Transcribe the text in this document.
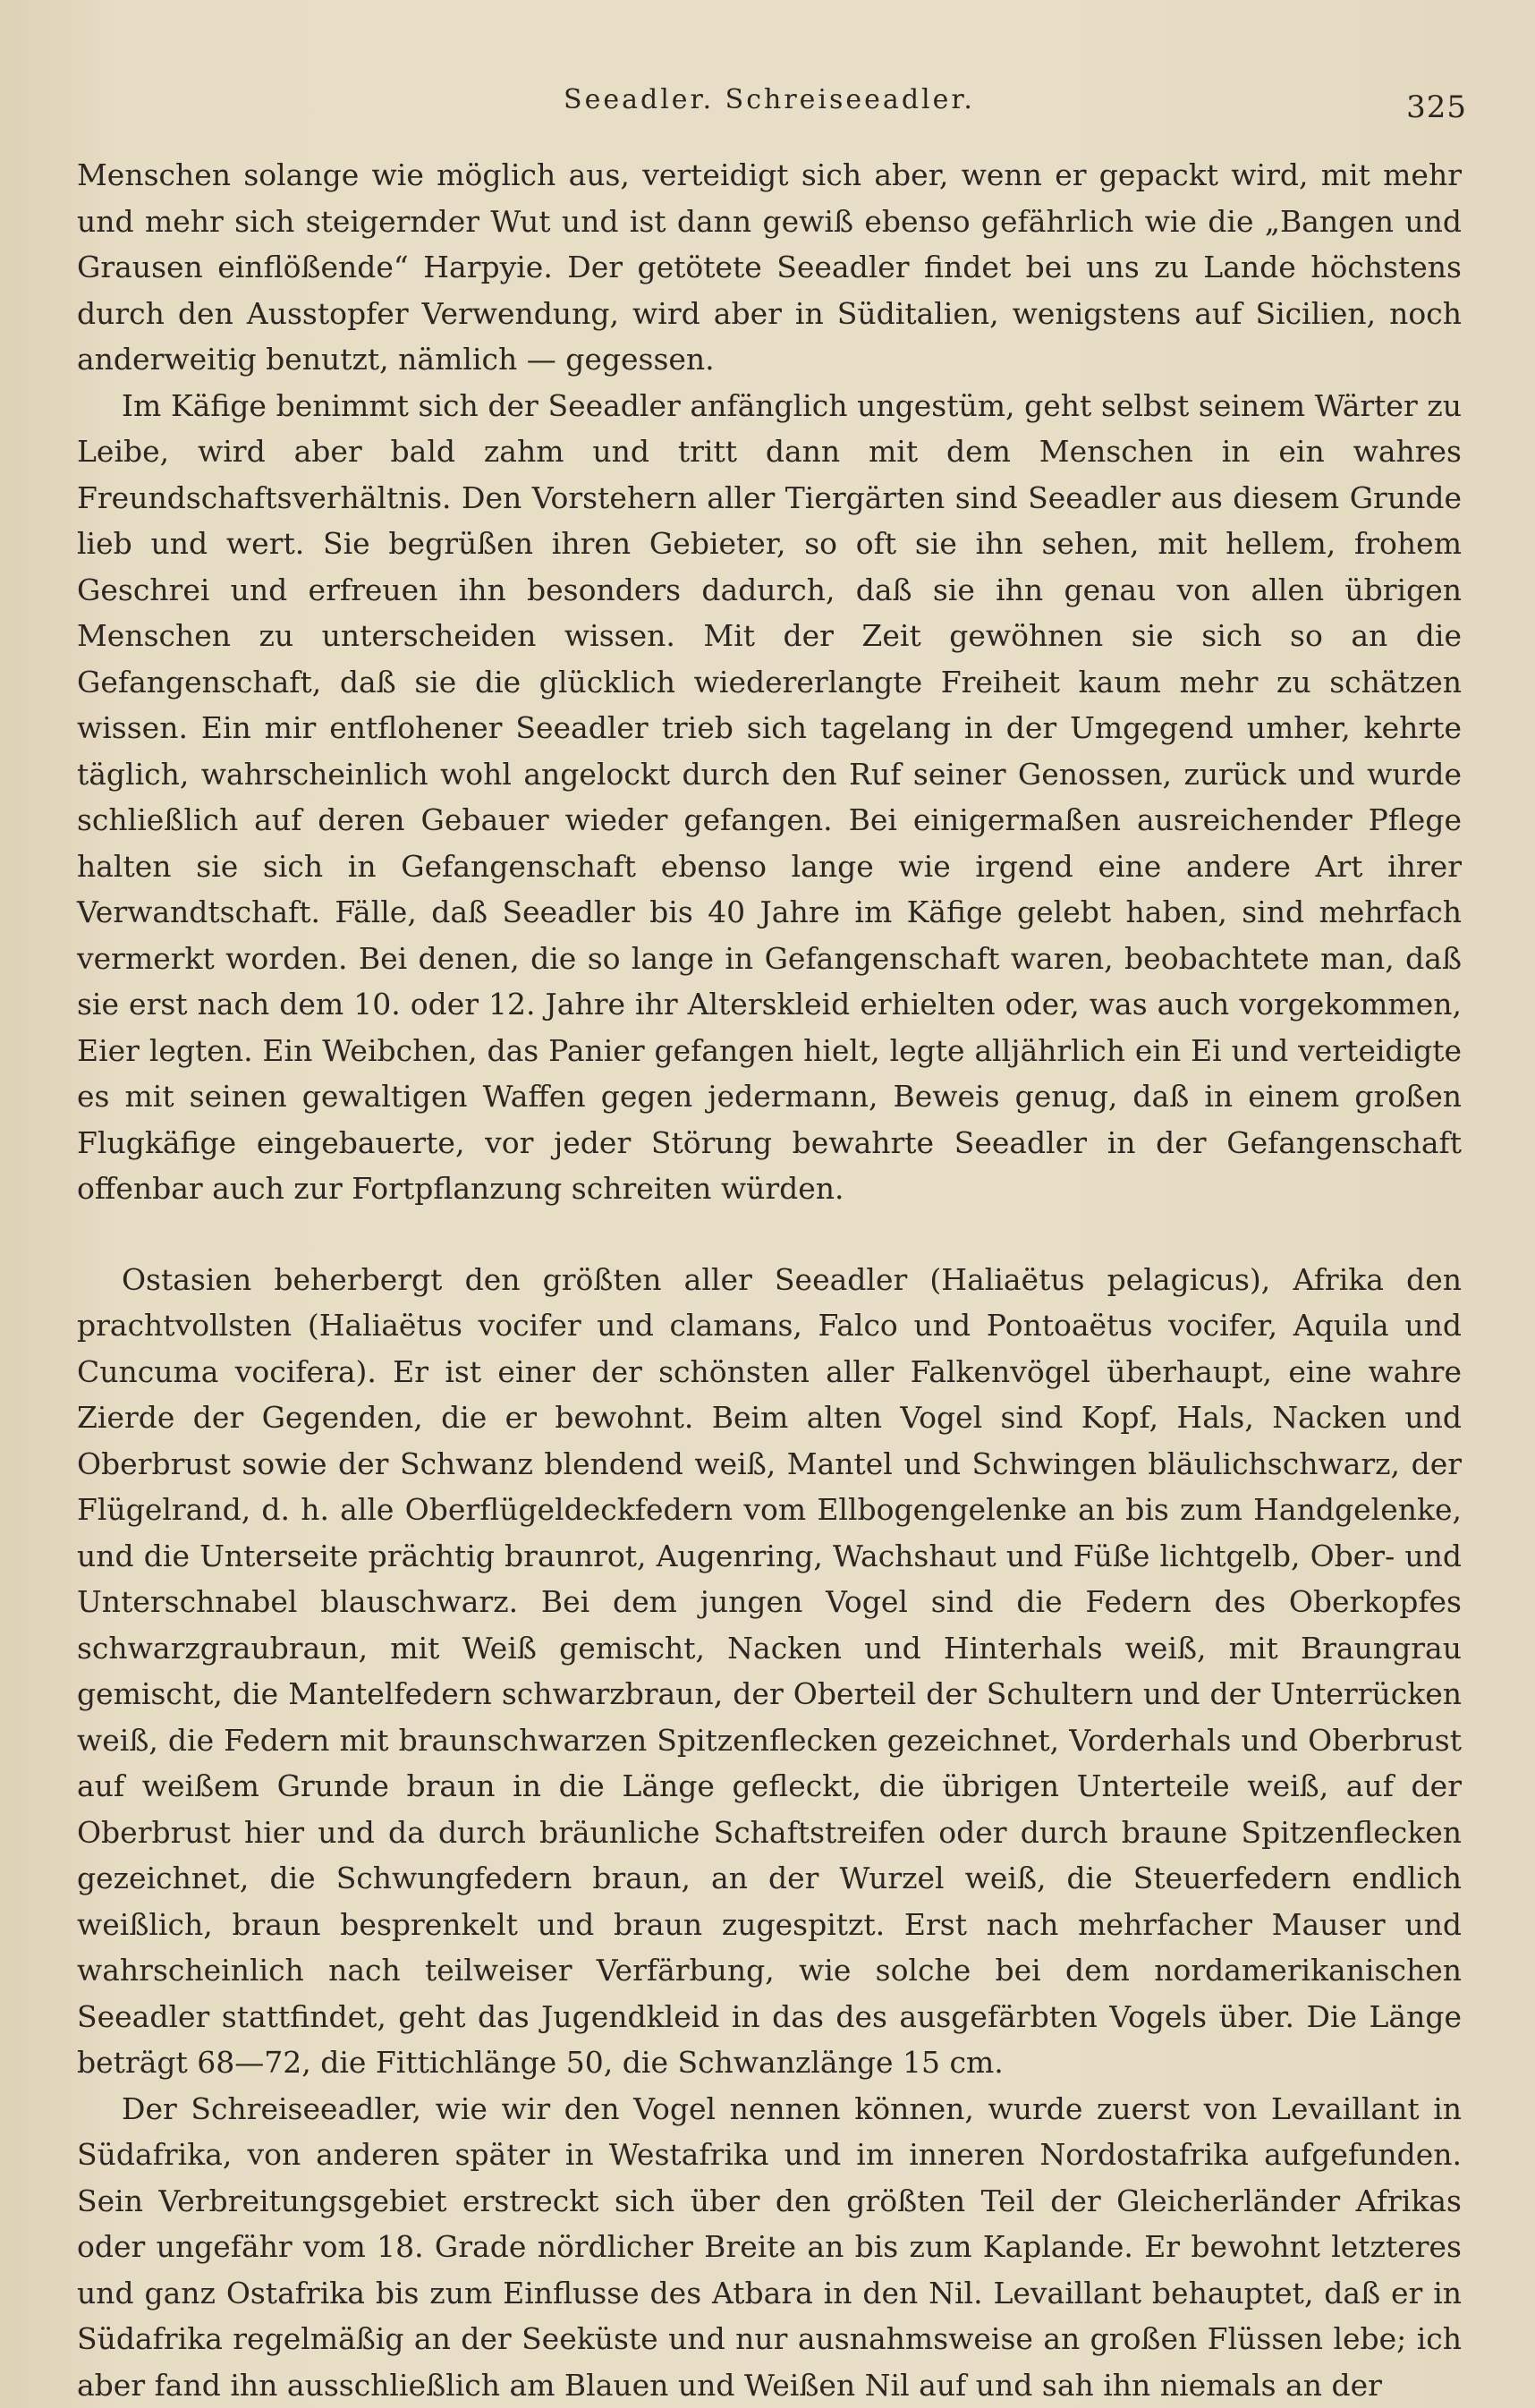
Seeadler. Schreiseeadler.	325

Menschen solange wie möglich aus, verteidigt sich aber, wenn er gepackt wird, mit mehr und mehr sich steigernder Wut und ist dann gewiß ebenso gefährlich wie die „Bangen und Grausen einflößende“ Harpyie. Der getötete Seeadler findet bei uns zu Lande höchstens durch den Ausstopfer Verwendung, wird aber in Süditalien, wenigstens auf Sicilien, noch anderweitig benutzt, nämlich — gegessen.

Im Käfige benimmt sich der Seeadler anfänglich ungestüm, geht selbst seinem Wärter zu Leibe, wird aber bald zahm und tritt dann mit dem Menschen in ein wahres Freundschaftsverhältnis. Den Vorstehern aller Tiergärten sind Seeadler aus diesem Grunde lieb und wert. Sie begrüßen ihren Gebieter, so oft sie ihn sehen, mit hellem, frohem Geschrei und erfreuen ihn besonders dadurch, daß sie ihn genau von allen übrigen Menschen zu unterscheiden wissen. Mit der Zeit gewöhnen sie sich so an die Gefangenschaft, daß sie die glücklich wiedererlangte Freiheit kaum mehr zu schätzen wissen. Ein mir entflohener Seeadler trieb sich tagelang in der Umgegend umher, kehrte täglich, wahrscheinlich wohl angelockt durch den Ruf seiner Genossen, zurück und wurde schließlich auf deren Gebauer wieder gefangen. Bei einigermaßen ausreichender Pflege halten sie sich in Gefangenschaft ebenso lange wie irgend eine andere Art ihrer Verwandtschaft. Fälle, daß Seeadler bis 40 Jahre im Käfige gelebt haben, sind mehrfach vermerkt worden. Bei denen, die so lange in Gefangenschaft waren, beobachtete man, daß sie erst nach dem 10. oder 12. Jahre ihr Alterskleid erhielten oder, was auch vorgekommen, Eier legten. Ein Weibchen, das Panier gefangen hielt, legte alljährlich ein Ei und verteidigte es mit seinen gewaltigen Waffen gegen jedermann, Beweis genug, daß in einem großen Flugkäfige eingebauerte, vor jeder Störung bewahrte Seeadler in der Gefangenschaft offenbar auch zur Fortpflanzung schreiten würden.

Ostasien beherbergt den größten aller Seeadler (Haliaëtus pelagicus), Afrika den prachtvollsten (Haliaëtus vocifer und clamans, Falco und Pontoaëtus vocifer, Aquila und Cuncuma vocifera). Er ist einer der schönsten aller Falkenvögel überhaupt, eine wahre Zierde der Gegenden, die er bewohnt. Beim alten Vogel sind Kopf, Hals, Nacken und Oberbrust sowie der Schwanz blendend weiß, Mantel und Schwingen bläulichschwarz, der Flügelrand, d. h. alle Oberflügeldeckfedern vom Ellbogengelenke an bis zum Handgelenke, und die Unterseite prächtig braunrot, Augenring, Wachshaut und Füße lichtgelb, Ober- und Unterschnabel blauschwarz. Bei dem jungen Vogel sind die Federn des Oberkopfes schwarzgraubraun, mit Weiß gemischt, Nacken und Hinterhals weiß, mit Braungrau gemischt, die Mantelfedern schwarzbraun, der Oberteil der Schultern und der Unterrücken weiß, die Federn mit braunschwarzen Spitzenflecken gezeichnet, Vorderhals und Oberbrust auf weißem Grunde braun in die Länge gefleckt, die übrigen Unterteile weiß, auf der Oberbrust hier und da durch bräunliche Schaftstreifen oder durch braune Spitzenflecken gezeichnet, die Schwungfedern braun, an der Wurzel weiß, die Steuerfedern endlich weißlich, braun besprenkelt und braun zugespitzt. Erst nach mehrfacher Mauser und wahrscheinlich nach teilweiser Verfärbung, wie solche bei dem nordamerikanischen Seeadler stattfindet, geht das Jugendkleid in das des ausgefärbten Vogels über. Die Länge beträgt 68—72, die Fittichlänge 50, die Schwanzlänge 15 cm.

Der Schreiseeadler, wie wir den Vogel nennen können, wurde zuerst von Levaillant in Südafrika, von anderen später in Westafrika und im inneren Nordostafrika aufgefunden. Sein Verbreitungsgebiet erstreckt sich über den größten Teil der Gleicherländer Afrikas oder ungefähr vom 18. Grade nördlicher Breite an bis zum Kaplande. Er bewohnt letzteres und ganz Ostafrika bis zum Einflusse des Atbara in den Nil. Levaillant behauptet, daß er in Südafrika regelmäßig an der Seeküste und nur ausnahmsweise an großen Flüssen lebe; ich aber fand ihn ausschließlich am Blauen und Weißen Nil auf und sah ihn niemals an der
